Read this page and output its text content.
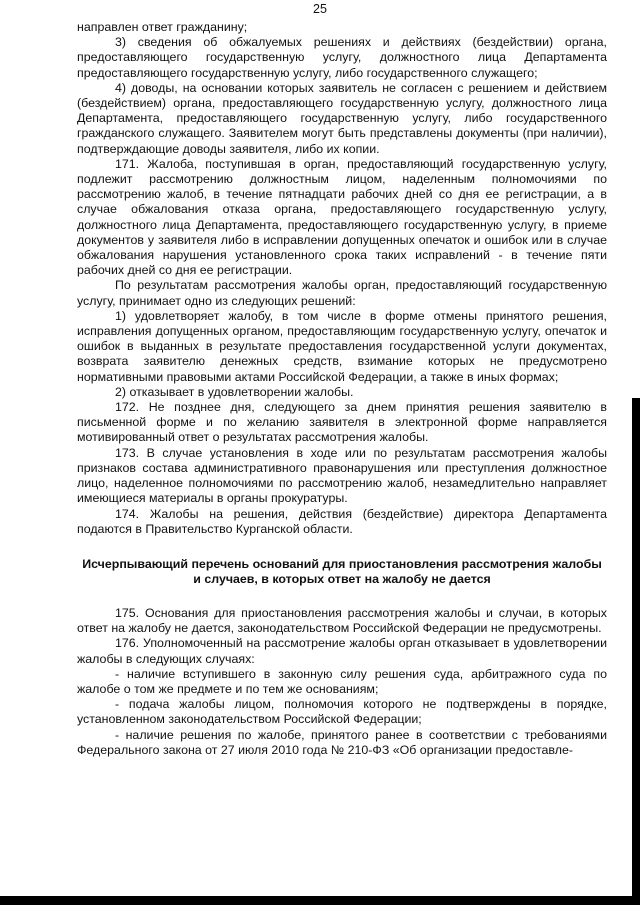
25

направлен ответ гражданину;

3) сведения об обжалуемых решениях и действиях (бездействии) органа, предоставляющего государственную услугу, должностного лица Департамента предоставляющего государственную услугу, либо государственного служащего;

4) доводы, на основании которых заявитель не согласен с решением и действием (бездействием) органа, предоставляющего государственную услугу, должностного лица Департамента, предоставляющего государственную услугу, либо государственного гражданского служащего. Заявителем могут быть представлены документы (при наличии), подтверждающие доводы заявителя, либо их копии.

171. Жалоба, поступившая в орган, предоставляющий государственную услугу, подлежит рассмотрению должностным лицом, наделенным полномочиями по рассмотрению жалоб, в течение пятнадцати рабочих дней со дня ее регистрации, а в случае обжалования отказа органа, предоставляющего государственную услугу, должностного лица Департамента, предоставляющего государственную услугу, в приеме документов у заявителя либо в исправлении допущенных опечаток и ошибок или в случае обжалования нарушения установленного срока таких исправлений - в течение пяти рабочих дней со дня ее регистрации.

По результатам рассмотрения жалобы орган, предоставляющий государственную услугу, принимает одно из следующих решений:

1) удовлетворяет жалобу, в том числе в форме отмены принятого решения, исправления допущенных органом, предоставляющим государственную услугу, опечаток и ошибок в выданных в результате предоставления государственной услуги документах, возврата заявителю денежных средств, взимание которых не предусмотрено нормативными правовыми актами Российской Федерации, а также в иных формах;

2) отказывает в удовлетворении жалобы.

172. Не позднее дня, следующего за днем принятия решения заявителю в письменной форме и по желанию заявителя в электронной форме направляется мотивированный ответ о результатах рассмотрения жалобы.

173. В случае установления в ходе или по результатам рассмотрения жалобы признаков состава административного правонарушения или преступления должностное лицо, наделенное полномочиями по рассмотрению жалоб, незамедлительно направляет имеющиеся материалы в органы прокуратуры.

174. Жалобы на решения, действия (бездействие) директора Департамента подаются в Правительство Курганской области.

Исчерпывающий перечень оснований для приостановления рассмотрения жалобы и случаев, в которых ответ на жалобу не дается

175. Основания для приостановления рассмотрения жалобы и случаи, в которых ответ на жалобу не дается, законодательством Российской Федерации не предусмотрены.

176. Уполномоченный на рассмотрение жалобы орган отказывает в удовлетворении жалобы в следующих случаях:

- наличие вступившего в законную силу решения суда, арбитражного суда по жалобе о том же предмете и по тем же основаниям;

- подача жалобы лицом, полномочия которого не подтверждены в порядке, установленном законодательством Российской Федерации;

- наличие решения по жалобе, принятого ранее в соответствии с требованиями Федерального закона от 27 июля 2010 года № 210-ФЗ «Об организации предоставле-
